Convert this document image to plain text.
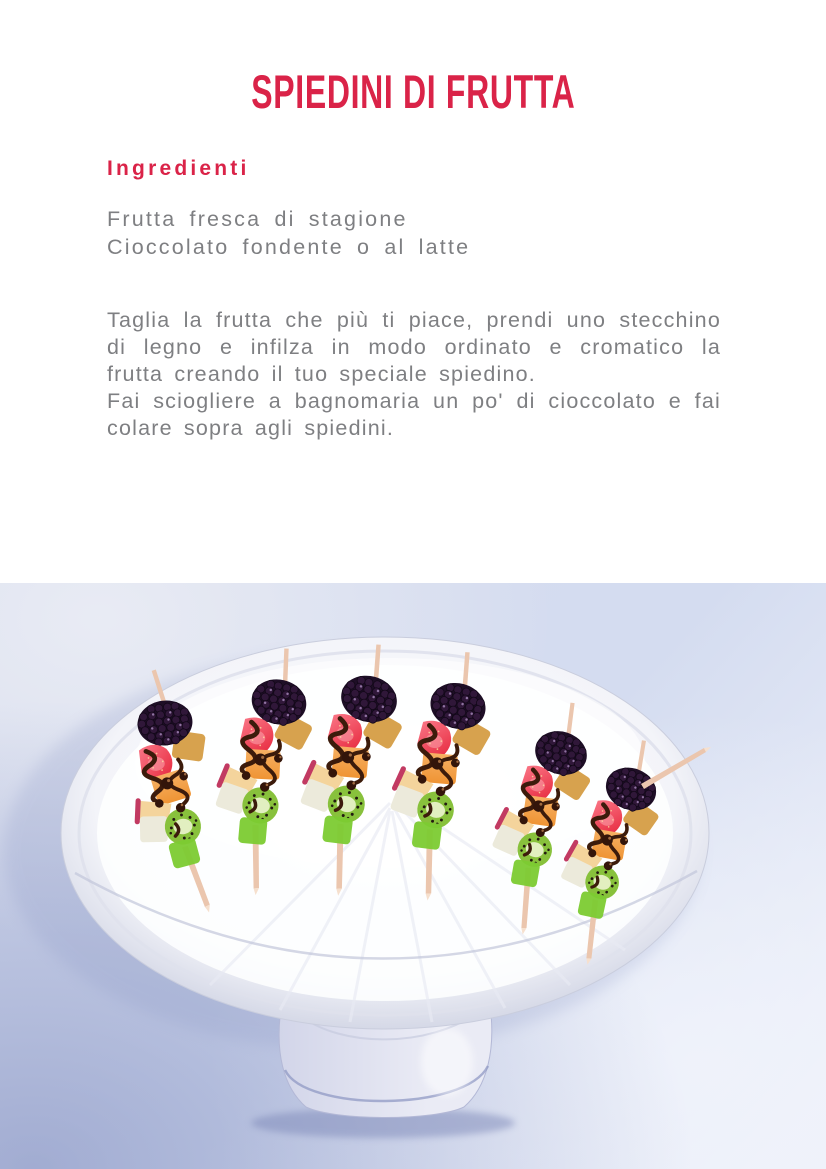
SPIEDINI DI FRUTTA
Ingredienti
Frutta fresca di stagione
Cioccolato fondente o al latte

Taglia la frutta che più ti piace, prendi uno stecchino di legno e infilza in modo ordinato e cromatico la frutta creando il tuo speciale spiedino.

Fai sciogliere a bagnomaria un po' di cioccolato e fai colare sopra agli spiedini.
